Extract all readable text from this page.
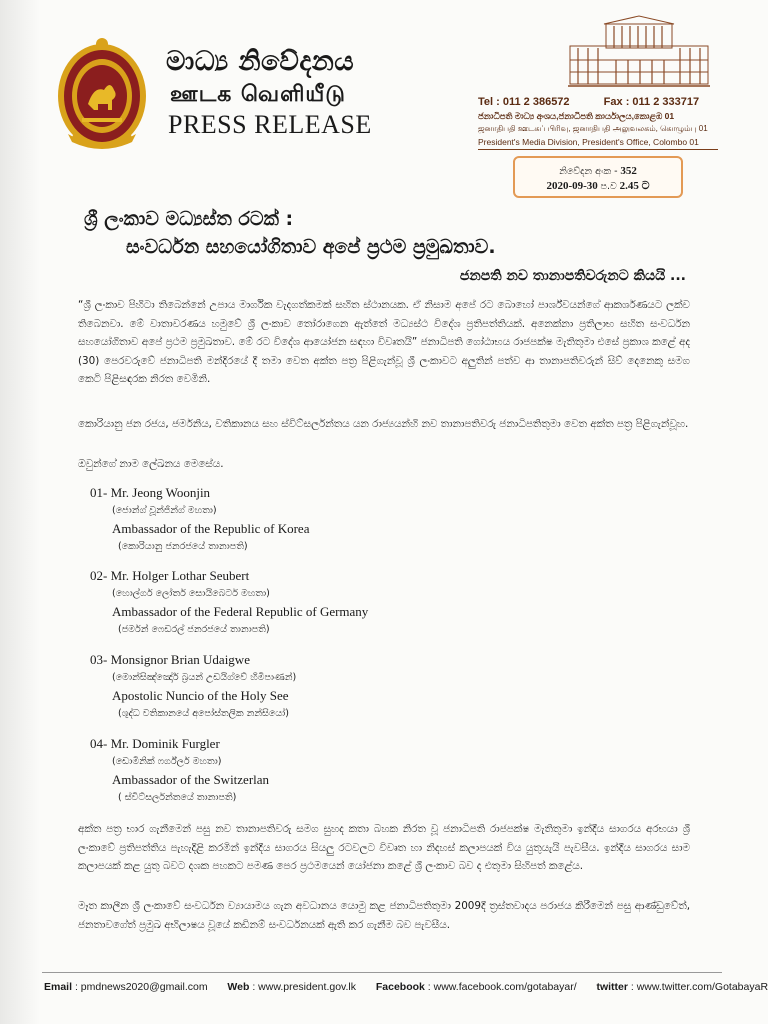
මාධ්‍ය නිවේදනය
ஊடக வெளியீடு
PRESS RELEASE
Tel : 011 2 386572	Fax : 011 2 333717
ජනාධිපති මාධ්‍ය අංශය,ජනාධිපති කාර්යාලය,කොළඹ 01
ஜனாதிபதி ஊடகப் பிரிவு, ஜனாதிபதி அலுவலகம், கொழும்பு 01
President's Media Division, President's Office, Colombo 01
නිවේදන අංක - 352
2020-09-30 ප.ව 2.45 ට
ශ්‍රී ලංකාව මධ්‍යස්ත රටක් :
සංවර්ධන සහයෝගිතාව අපේ ප්‍රථම ප්‍රමුඛතාව.
ජනපති නව තානාපතිවරුනට කියයි ...
“ශ්‍රී ලංකාව පිහිටා තිබෙන්නේ උපාය මාර්ගික වැදගත්කමක් සහිත ස්ථානයක. ඒ නිසාම අපේ රට බොහෝ පාර්ශ්වයන්ගේ ආකර්ශණයට ලක්ව තිබෙනවා. මේ වාතාවරණය හමුවේ ශ්‍රී ලංකාව තෝරාගෙන ඇත්තේ මධ්‍යස්ථ විදේශ ප්‍රතිපත්තියක්. අනෙක්නා ප්‍රතිලාභ සහිත සංවර්ධන සහයෝගිතාව අපේ ප්‍රථම ප්‍රමුඛතාව. මේ රට විදේශ ආයෝජන සඳහා විවෘතයි” ජනාධිපති ගෝඨාභය රාජපක්ෂ මැතිතුමා එසේ ප්‍රකාශ කළේ අද (30) පෙරවරුවේ ජනාධිපති මන්දිරයේ දී තමා වෙත අක්ත පත්‍ර පිළිගැන්වූ ශ්‍රී ලංකාවට අලුතින් පත්ව ආ තානාපතිවරුන් සිව් දෙනෙකු සමග කෙටි පිළිසඳරක නිරත වෙමිනි.
කොරියානු ජන රජය, ජර්මනිය, වතිකානය සහ ස්විට්සර්ලන්තය යන රාජ්‍යයන්හි නව තානාපතිවරු ජනාධිපතිතුමා වෙත අක්ත පත්‍ර පිළිගැන්වූහ.
ඔවුන්ගේ නාම ලේඛනය මෙසේය.
01- Mr. Jeong Woonjin
(ජොන්ග් වූන්ජින්ග් මහතා)
Ambassador of the Republic of Korea
(කොරියානු ජනරජයේ තානාපති)
02- Mr. Holger Lothar Seubert
(හොල්ගර් ලෝතර් සොයිබෙටර් මහතා)
Ambassador of the Federal Republic of Germany
(ජර්මන් ෆෙඩරල් ජනරජයේ තානාපති)
03- Monsignor Brian Udaigwe
(මොන්සිඤ්ඤෝර් බ්‍රයන් උඩයිග්වේ හිමිපාණන්)
Apostolic Nuncio of the Holy See
(ශුද්ධ වතිකානයේ අපෝස්තලික නන්සියෝ)
04- Mr. Dominik Furgler
(ඩොමිනික් ෆර්ග්ලර් මහතා)
Ambassador of the Switzerlan
( ස්විට්සර්ලන්තයේ තානාපති)
අක්ත පත්‍ර භාර ගැනීමෙන් පසු නව තානාපතිවරු සමග සුහද කතා බහක නිරත වූ ජනාධිපති රාජපක්ෂ මැතිතුමා ඉන්දීය සාගරය අරභයා ශ්‍රී ලංකාවේ ප්‍රතිපත්තිය පැහැදිළි කරමින් ඉන්දීය සාගරය සියලු රටවලට විවෘත හා නිදහස් කලාපයක් විය යුතුයැයි පැවසීය. ඉන්දීය සාගරය සාම කලාපයක් කළ යුතු බවට දශක පහකට පමණ පෙර ප්‍රථමයෙන් යෝජනා කළේ ශ්‍රී ලංකාව බව ද එතුමා සිහිපත් කළේය.
මෑත කාලීන ශ්‍රී ලංකාවේ සංවර්ධන ව්‍යායාමය ගැන අවධානය යොමු කළ ජනාධිපතිතුමා 2009දී ත්‍රස්තවාදය පරාජය කිරීමෙන් පසු ආණ්ඩුවේත්, ජනතාවගේත් ප්‍රමුඛ අභිලාෂය වූයේ කඩිනම් සංවර්ධනයක් ඇති කර ගැනීම බව පැවසීය.
Email : pmdnews2020@gmail.com Web : www.president.gov.lk Facebook : www.facebook.com/gotabayar/ twitter : www.twitter.com/GotabayaR
